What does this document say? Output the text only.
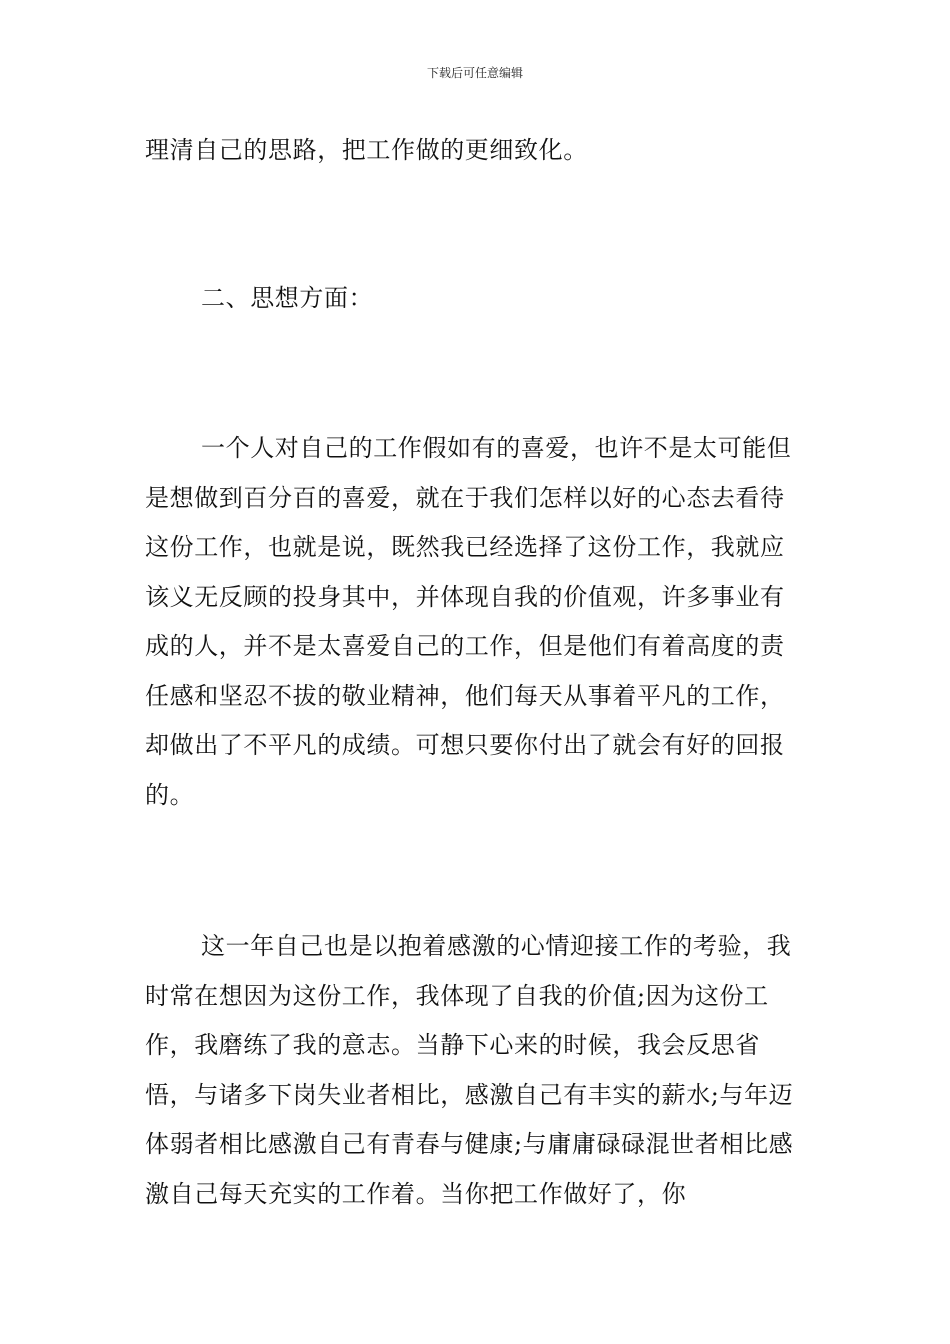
下载后可任意编辑

理清自己的思路，把工作做的更细致化。

二、思想方面：

一个人对自己的工作假如有的喜爱，也许不是太可能但是想做到百分百的喜爱，就在于我们怎样以好的心态去看待这份工作，也就是说，既然我已经选择了这份工作，我就应该义无反顾的投身其中，并体现自我的价值观，许多事业有成的人，并不是太喜爱自己的工作，但是他们有着高度的责任感和坚忍不拔的敬业精神，他们每天从事着平凡的工作，却做出了不平凡的成绩。可想只要你付出了就会有好的回报的。

这一年自己也是以抱着感激的心情迎接工作的考验，我时常在想因为这份工作，我体现了自我的价值;因为这份工作，我磨练了我的意志。当静下心来的时候，我会反思省悟，与诸多下岗失业者相比，感激自己有丰实的薪水;与年迈体弱者相比感激自己有青春与健康;与庸庸碌碌混世者相比感激自己每天充实的工作着。当你把工作做好了，你
